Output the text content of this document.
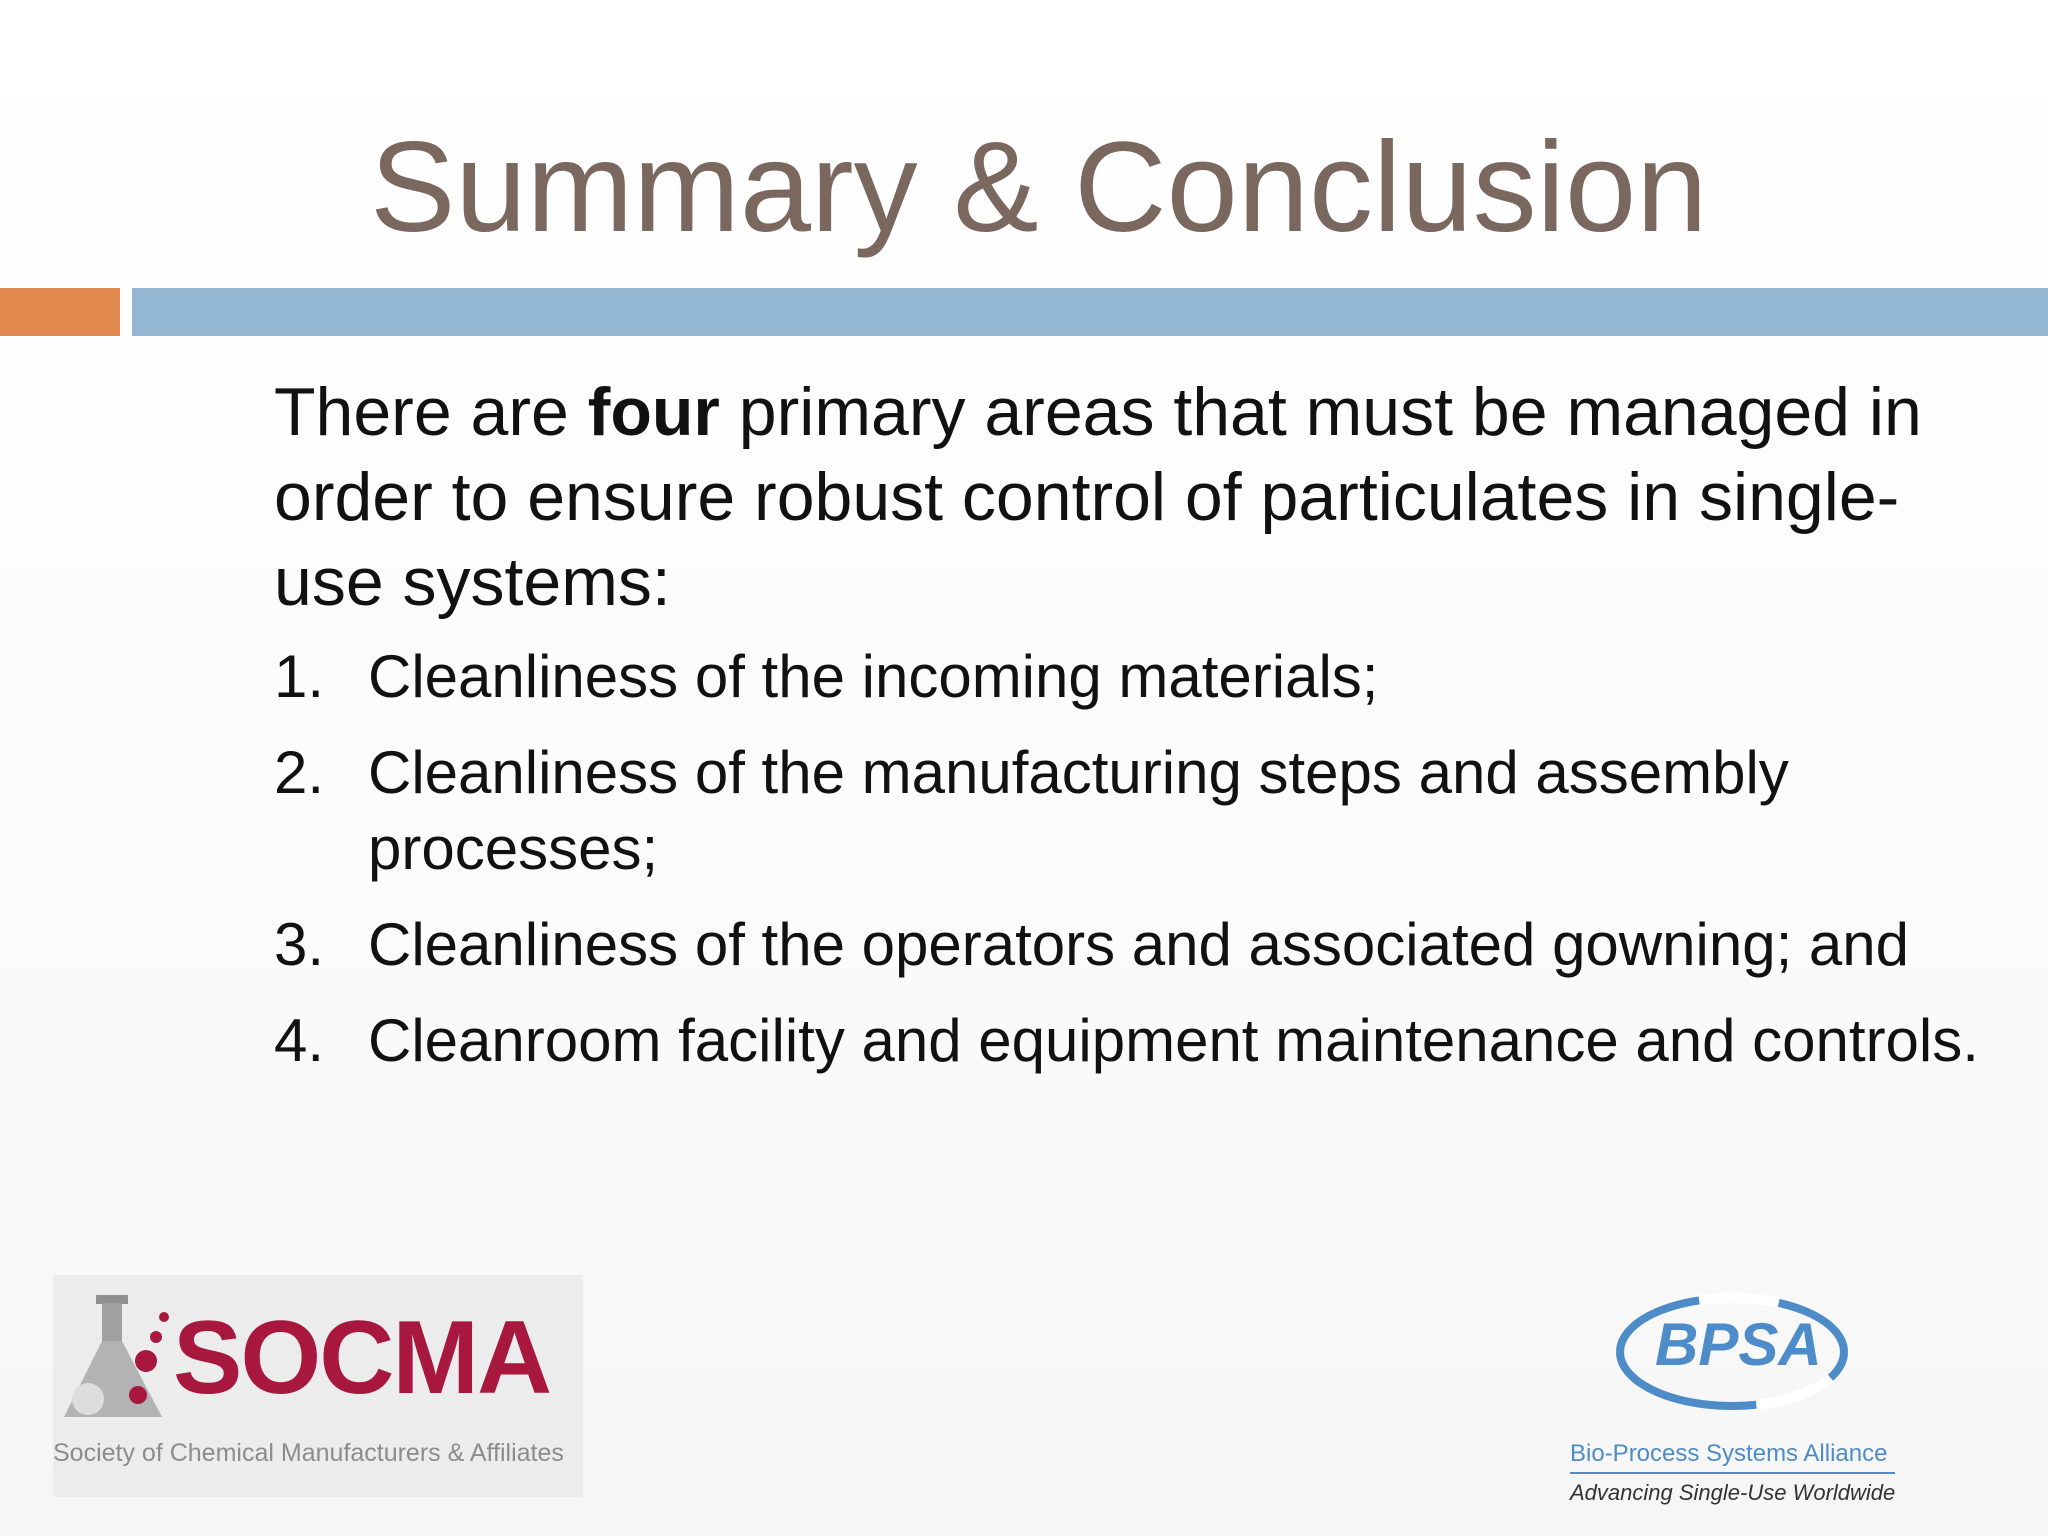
Summary & Conclusion

There are four primary areas that must be managed in order to ensure robust control of particulates in single-use systems:

1. Cleanliness of the incoming materials;
2. Cleanliness of the manufacturing steps and assembly processes;
3. Cleanliness of the operators and associated gowning; and
4. Cleanroom facility and equipment maintenance and controls.

SOCMA

Society of Chemical Manufacturers & Affiliates

BPSA

Bio-Process Systems Alliance

Advancing Single-Use Worldwide
